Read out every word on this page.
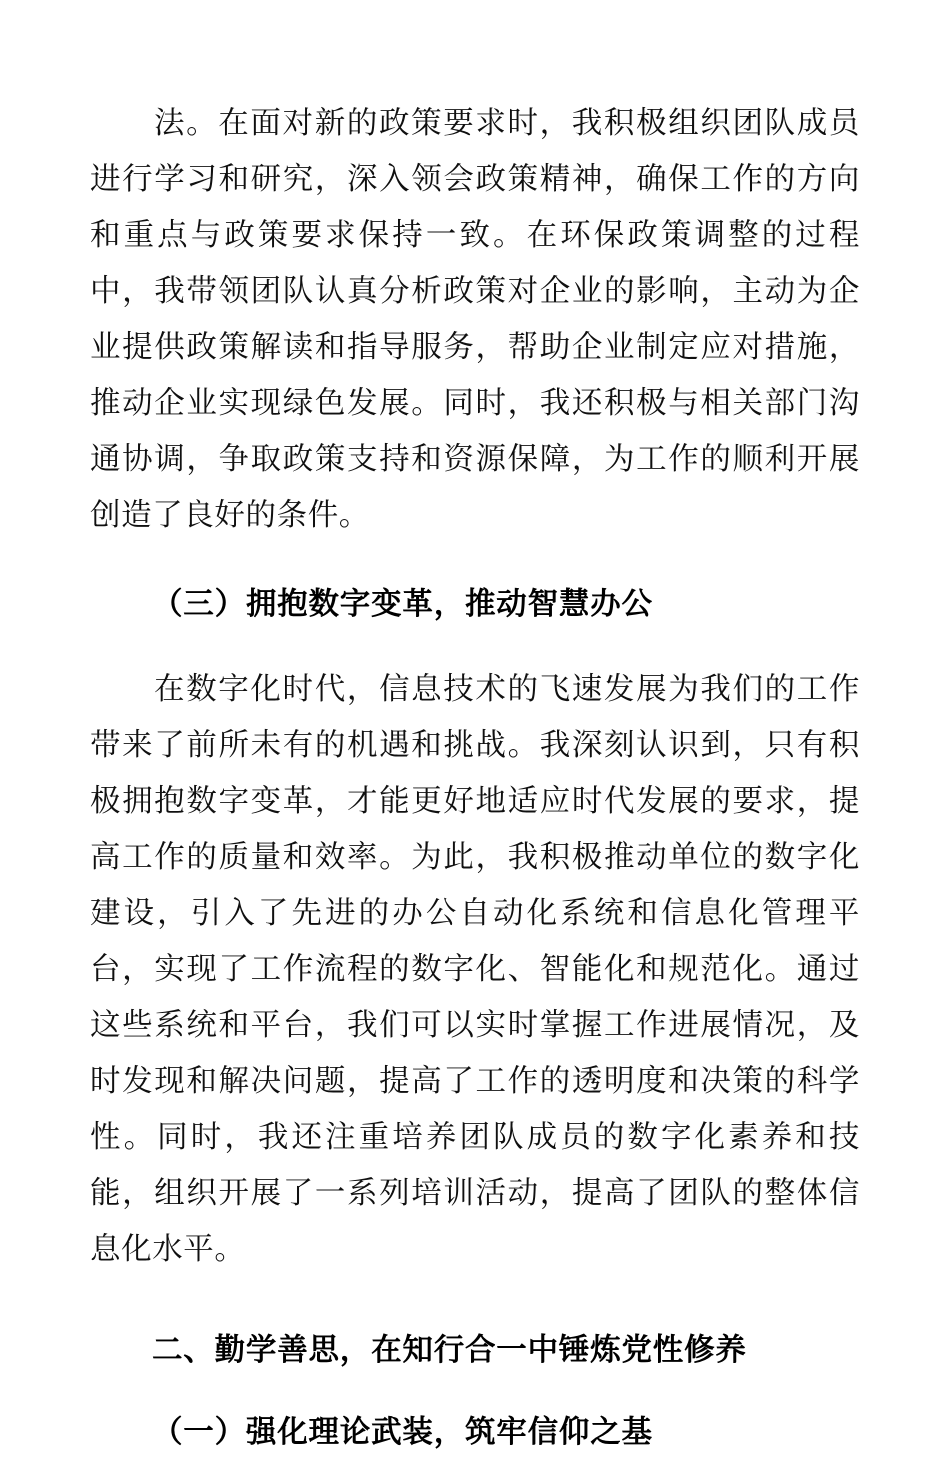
法。在面对新的政策要求时，我积极组织团队成员进行学习和研究，深入领会政策精神，确保工作的方向和重点与政策要求保持一致。在环保政策调整的过程中，我带领团队认真分析政策对企业的影响，主动为企业提供政策解读和指导服务，帮助企业制定应对措施，推动企业实现绿色发展。同时，我还积极与相关部门沟通协调，争取政策支持和资源保障，为工作的顺利开展创造了良好的条件。

（三）拥抱数字变革，推动智慧办公

在数字化时代，信息技术的飞速发展为我们的工作带来了前所未有的机遇和挑战。我深刻认识到，只有积极拥抱数字变革，才能更好地适应时代发展的要求，提高工作的质量和效率。为此，我积极推动单位的数字化建设，引入了先进的办公自动化系统和信息化管理平台，实现了工作流程的数字化、智能化和规范化。通过这些系统和平台，我们可以实时掌握工作进展情况，及时发现和解决问题，提高了工作的透明度和决策的科学性。同时，我还注重培养团队成员的数字化素养和技能，组织开展了一系列培训活动，提高了团队的整体信息化水平。

二、勤学善思，在知行合一中锤炼党性修养

（一）强化理论武装，筑牢信仰之基
